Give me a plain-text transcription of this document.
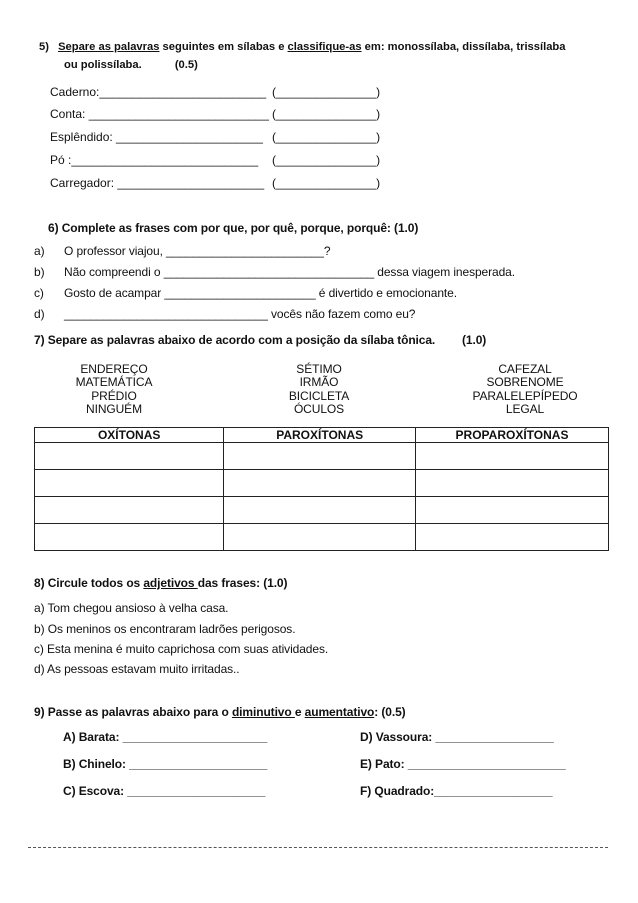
5) Separe as palavras seguintes em sílabas e classifique-as em: monossílaba, dissílaba, trissílaba
ou polissílaba.	(0.5)
Caderno:_________________________ (_______________)
Conta: ___________________________ (_______________)
Esplêndido: ______________________ (_______________)
Pó :____________________________ (_______________)
Carregador: ______________________ (_______________)
6) Complete as frases com por que, por quê, porque, porquê: (1.0)
a) O professor viajou, ________________________?
b) Não compreendi o ________________________________ dessa viagem inesperada.
c) Gosto de acampar _______________________ é divertido e emocionante.
d) _______________________________ vocês não fazem como eu?
7) Separe as palavras abaixo de acordo com a posição da sílaba tônica. (1.0)
ENDEREÇO
MATEMÁTICA
PRÉDIO
NINGUÉM
SÉTIMO
IRMÃO
BICICLETA
ÓCULOS
CAFEZAL
SOBRENOME
PARALELEPÍPEDO
LEGAL
OXÍTONAS	PAROXÍTONAS	PROPAROXÍTONAS

8) Circule todos os adjetivos das frases: (1.0)
a) Tom chegou ansioso à velha casa.
b) Os meninos os encontraram ladrões perigosos.
c) Esta menina é muito caprichosa com suas atividades.
d) As pessoas estavam muito irritadas..
9) Passe as palavras abaixo para o diminutivo e aumentativo: (0.5)
A) Barata: ______________________
B) Chinelo: _____________________
C) Escova: _____________________
D) Vassoura: __________________
E) Pato: ________________________
F) Quadrado:__________________
